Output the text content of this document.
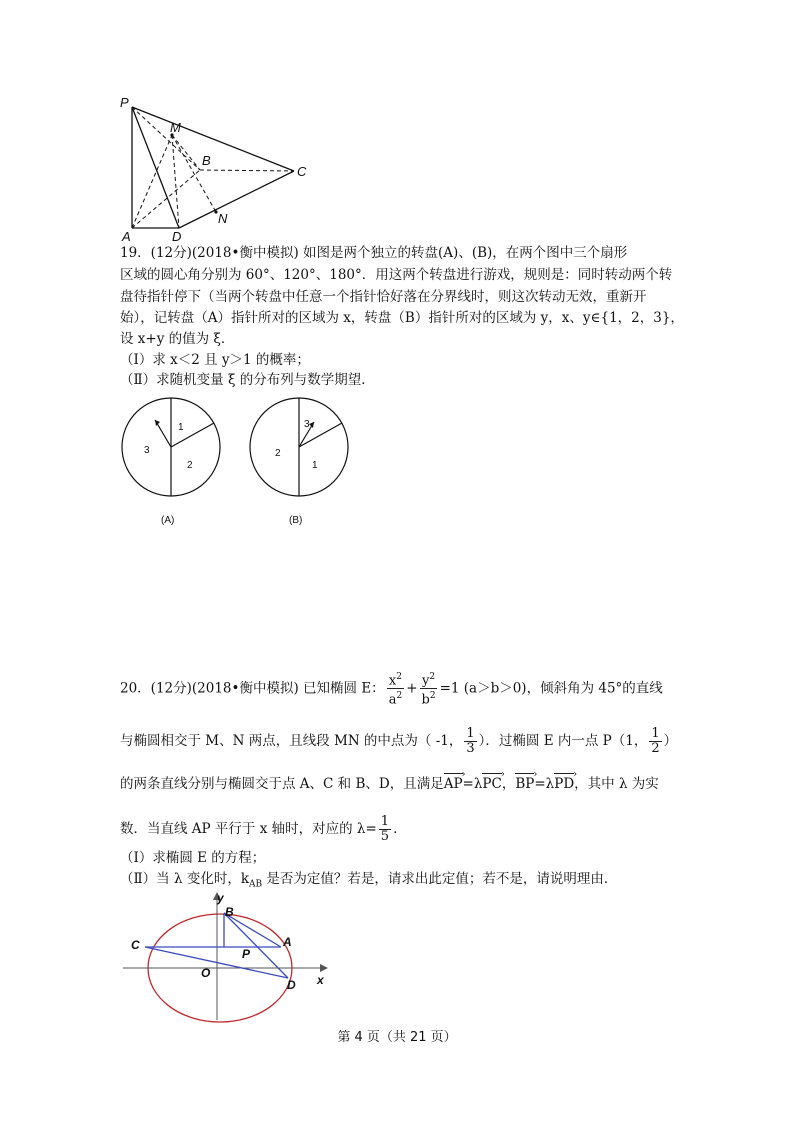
P
M
B
C
N
A	D
19．(12分)(2018•衡中模拟) 如图是两个独立的转盘(A)、(B)，在两个图中三个扇形
区域的圆心角分别为 60°、120°、180°．用这两个转盘进行游戏，规则是：同时转动两个转
盘待指针停下（当两个转盘中任意一个指针恰好落在分界线时，则这次转动无效，重新开
始），记转盘（A）指针所对的区域为 x，转盘（B）指针所对的区域为 y，x、y∈{1，2，3}，
设 x+y 的值为 ξ．
（Ⅰ）求 x＜2 且 y＞1 的概率；
（Ⅱ）求随机变量 ξ 的分布列与数学期望．
1
2
3
(A)
3
2
1
(B)
20．(12分)(2018•衡中模拟) 已知椭圆 E： $\frac{x^2}{a^2} + \frac{y^2}{b^2} =1$ (a＞b＞0)，倾斜角为 45°的直线
与椭圆相交于 M、N 两点，且线段 MN 的中点为（ -1， $\frac{1}{3}$ ）．过椭圆 E 内一点 P（1， $\frac{1}{2}$ ）
的两条直线分别与椭圆交于点 A、C 和 B、D，且满足AP ›=λPC ›，BP ›=λPD ›，其中 λ 为实
数．当直线 AP 平行于 x 轴时，对应的 $\lambda= \frac{1}{5}$ ．
（Ⅰ）求椭圆 E 的方程；
（Ⅱ）当 λ 变化时，$k_{AB}$ 是否为定值？若是，请求出此定值；若不是，请说明理由．
y
x
B
A
C
P
O
D
第 4 页（共 21 页）
